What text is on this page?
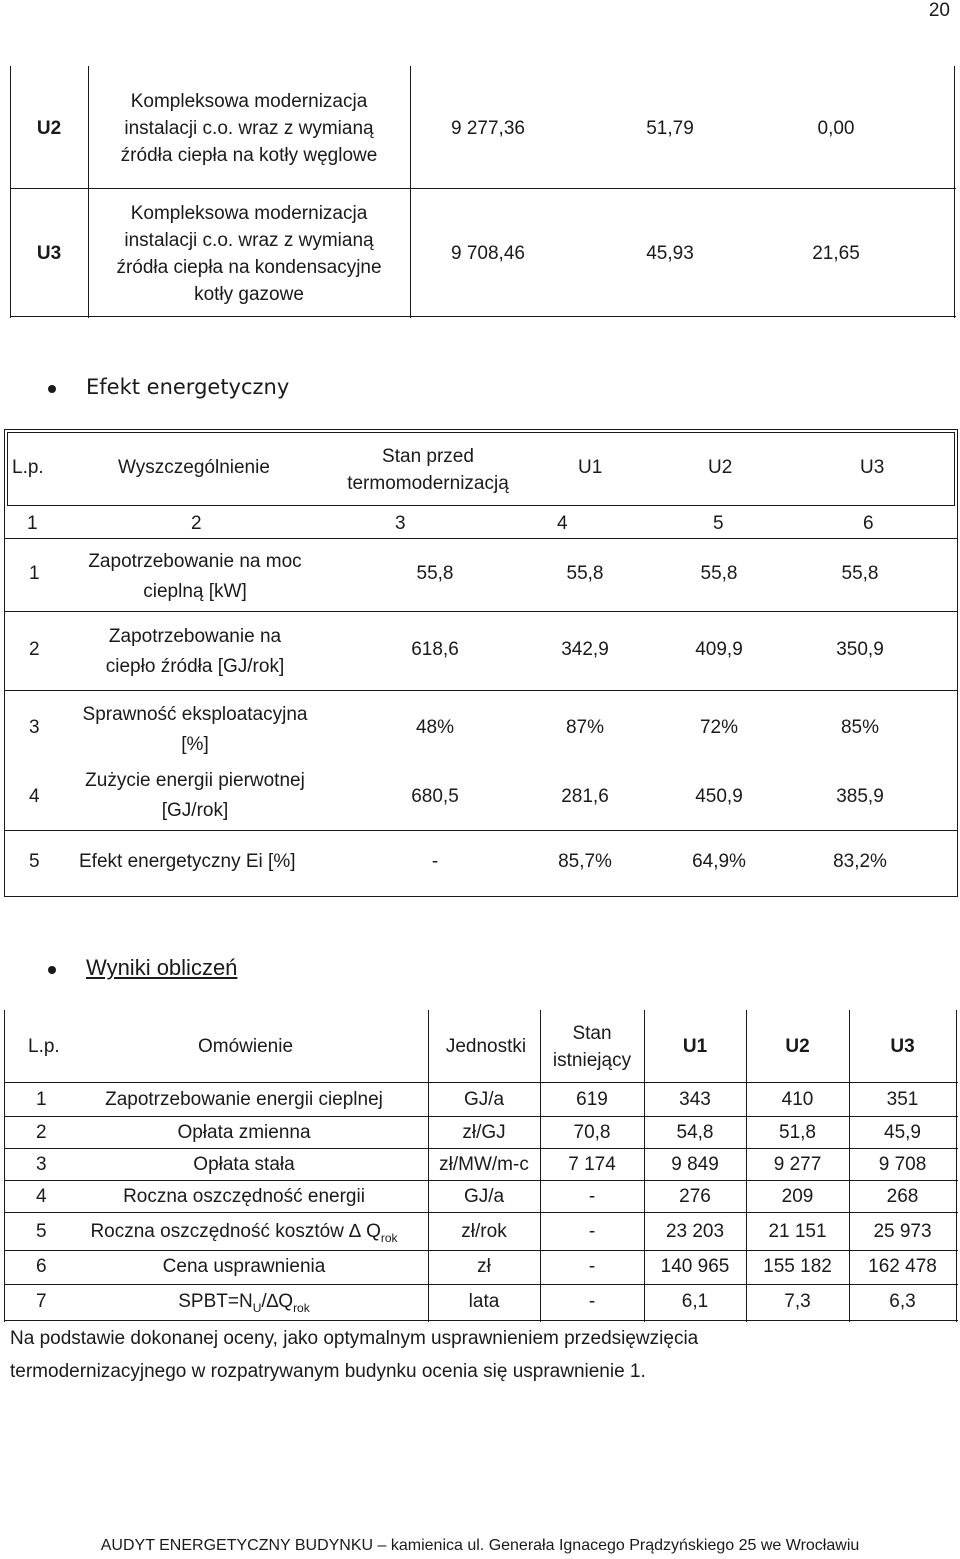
20
U2
Kompleksowa modernizacja
instalacji c.o. wraz z wymianą
źródła ciepła na kotły węglowe
9 277,36	51,79	0,00
U3
Kompleksowa modernizacja
instalacji c.o. wraz z wymianą
źródła ciepła na kondensacyjne
kotły gazowe
9 708,46	45,93	21,65
Efekt energetyczny
L.p.	Wyszczególnienie
Stan przed
termomodernizacją
U1	U2	U3
1	2	3	4	5	6
1
Zapotrzebowanie na moc
cieplną [kW]
55,8	55,8	55,8	55,8
2
Zapotrzebowanie na
ciepło źródła [GJ/rok]
618,6	342,9	409,9	350,9
3
Sprawność eksploatacyjna
[%]
48%	87%	72%	85%
4
Zużycie energii pierwotnej
[GJ/rok]
680,5	281,6	450,9	385,9
5 Efekt energetyczny Ei [%]	-	85,7%	64,9%	83,2%
Wyniki obliczeń
L.p.	Omówienie	Jednostki
Stan
istniejący
U1	U2	U3
1	Zapotrzebowanie energii cieplnej	GJ/a	619	343	410	351
2	Opłata zmienna	zł/GJ	70,8	54,8	51,8	45,9
3	Opłata stała	zł/MW/m-c	7 174	9 849	9 277	9 708
4	Roczna oszczędność energii	GJ/a	-	276	209	268
5	Roczna oszczędność kosztów ∆ $Q_{rok}$	zł/rok	-	23 203	21 151	25 973
6	Cena usprawnienia	zł	-	140 965	155 182	162 478
7	$SPBT=N_U/\Delta Q_{rok}$	lata	-	6,1	7,3	6,3
Na podstawie dokonanej oceny, jako optymalnym usprawnieniem przedsięwzięcia
termodernizacyjnego w rozpatrywanym budynku ocenia się usprawnienie 1.
AUDYT ENERGETYCZNY BUDYNKU – kamienica ul. Generała Ignacego Prądzyńskiego 25 we Wrocławiu
